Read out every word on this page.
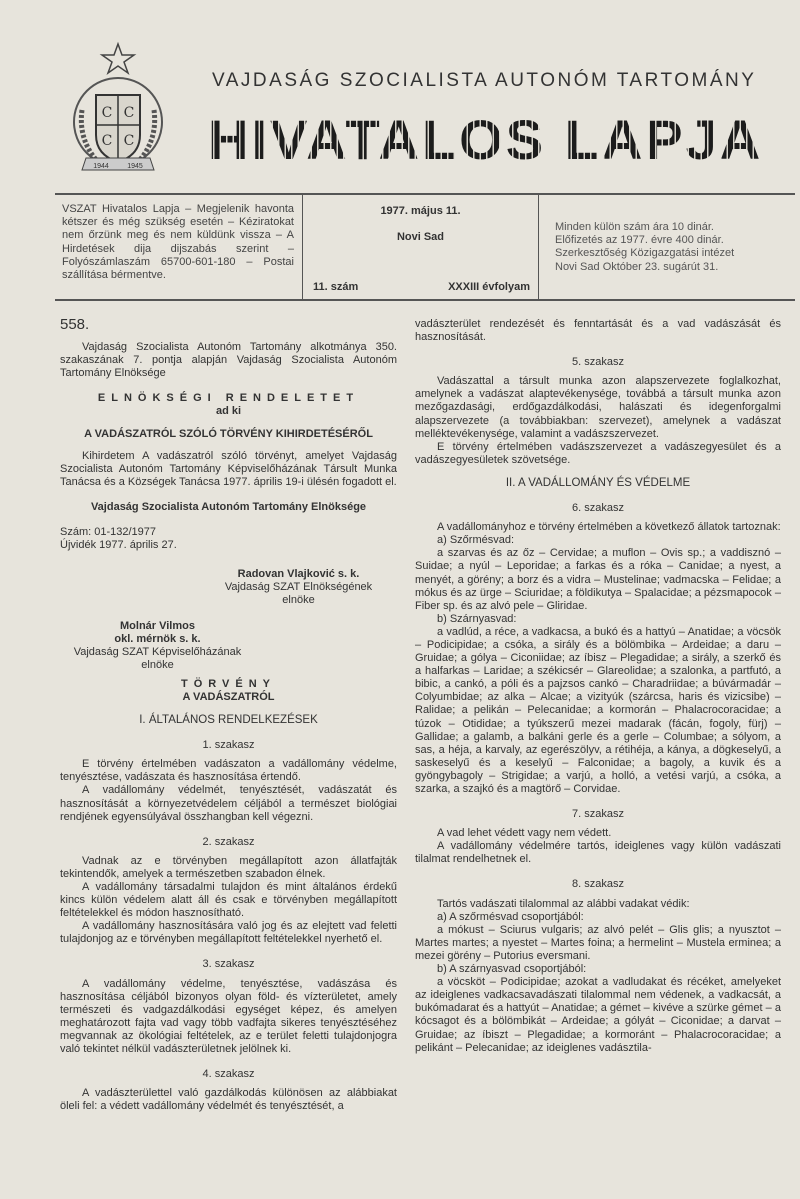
C C
C C
1944	1945
VAJDASÁG SZOCIALISTA AUTONÓM TARTOMÁNY
HIVATALOS LAPJA
VSZAT Hivatalos Lapja – Megjelenik havonta kétszer és még szükség esetén – Kéziratokat nem őrzünk meg és nem küldünk vissza – A Hirdetések dija dijszabás szerint – Folyószámlaszám 65700-601-180 – Postai szállítása bérmentve.
1977. május 11.
Novi Sad
11. szám	XXXIII évfolyam
Minden külön szám ára 10 dinár.
Előfizetés az 1977. évre 400 dinár.
Szerkesztőség Közigazgatási intézet
Novi Sad Október 23. sugárút 31.
558.

Vajdaság Szocialista Autonóm Tartomány alkotmánya 350. szakaszának 7. pontja alapján Vajdaság Szocialista Autonóm Tartomány Elnöksége

ELNÖKSÉGI RENDELETET

ad ki

A VADÁSZATRÓL SZÓLÓ TÖRVÉNY KIHIRDETÉSÉRŐL

Kihirdetem A vadászatról szóló törvényt, amelyet Vajdaság Szocialista Autonóm Tartomány Képviselőházának Társult Munka Tanácsa és a Községek Tanácsa 1977. április 19-i ülésén fogadott el.

Vajdaság Szocialista Autonóm Tartomány Elnöksége

Szám: 01-132/1977

Újvidék 1977. április 27.

Radovan Vlajković s. k.

Vajdaság SZAT Elnökségének

elnöke

Molnár Vilmos

okl. mérnök s. k.

Vajdaság SZAT Képviselőházának

elnöke

TÖRVÉNY

A VADÁSZATRÓL

I. ÁLTALÁNOS RENDELKEZÉSEK

1. szakasz

E törvény értelmében vadászaton a vadállomány védelme, tenyésztése, vadászata és hasznosítása értendő.

A vadállomány védelmét, tenyésztését, vadászatát és hasznosítását a környezetvédelem céljából a természet biológiai rendjének egyensúlyával összhangban kell végezni.

2. szakasz

Vadnak az e törvényben megállapított azon állatfajták tekintendők, amelyek a természetben szabadon élnek.

A vadállomány társadalmi tulajdon és mint általános érdekű kincs külön védelem alatt áll és csak e törvényben megállapított feltételekkel és módon hasznosítható.

A vadállomány hasznosítására való jog és az elejtett vad feletti tulajdonjog az e törvényben megállapított feltételekkel nyerhető el.

3. szakasz

A vadállomány védelme, tenyésztése, vadászása és hasznosítása céljából bizonyos olyan föld- és vízterületet, amely természeti és vadgazdálkodási egységet képez, és amelyen meghatározott fajta vad vagy több vadfajta sikeres tenyésztéséhez megvannak az ökológiai feltételek, az e terület feletti tulajdonjogra való tekintet nélkül vadászterületnek jelölnek ki.

4. szakasz

A vadászterülettel való gazdálkodás különösen az alábbiakat öleli fel: a védett vadállomány védelmét és tenyésztését, a

vadászterület rendezését és fenntartását és a vad vadászását és hasznosítását.

5. szakasz

Vadászattal a társult munka azon alapszervezete foglalkozhat, amelynek a vadászat alaptevékenysége, továbbá a társult munka azon mezőgazdasági, erdőgazdálkodási, halászati és idegenforgalmi alapszervezete (a továbbiakban: szervezet), amelynek a vadászat melléktevékenysége, valamint a vadászszervezet.

E törvény értelmében vadászszervezet a vadászegyesület és a vadászegyesületek szövetsége.

II. A VADÁLLOMÁNY ÉS VÉDELME

6. szakasz

A vadállományhoz e törvény értelmében a következő állatok tartoznak:

a) Szőrmésvad:

a szarvas és az őz – Cervidae; a muflon – Ovis sp.; a vaddisznó – Suidae; a nyúl – Leporidae; a farkas és a róka – Canidae; a nyest, a menyét, a görény; a borz és a vidra – Mustelinae; vadmacska – Felidae; a mókus és az ürge – Sciuridae; a földikutya – Spalacidae; a pézsmapocok – Fiber sp. és az alvó pele – Gliridae.

b) Szárnyasvad:

a vadlúd, a réce, a vadkacsa, a bukó és a hattyú – Anatidae; a vöcsök – Podicipidae; a csóka, a sirály és a bölömbika – Ardeidae; a daru – Gruidae; a gólya – Ciconiidae; az íbisz – Plegadidae; a sirály, a szerkő és a halfarkas – Laridae; a székicsér – Glareolidae; a szalonka, a partfutó, a bibic, a cankó, a póli és a pajzsos cankó – Charadriidae; a búvármadár – Colyumbidae; az alka – Alcae; a vizityúk (szárcsa, haris és vizicsibe) – Ralidae; a pelikán – Pelecanidae; a kormorán – Phalacrocoracidae; a túzok – Otididae; a tyúkszerű mezei madarak (fácán, fogoly, fürj) – Gallidae; a galamb, a balkáni gerle és a gerle – Columbae; a sólyom, a sas, a héja, a karvaly, az egerészölyv, a rétihéja, a kánya, a dögkeselyű, a saskeselyű és a keselyű – Falconidae; a bagoly, a kuvik és a gyöngybagoly – Strigidae; a varjú, a holló, a vetési varjú, a csóka, a szarka, a szajkó és a magtörő – Corvidae.

7. szakasz

A vad lehet védett vagy nem védett.

A vadállomány védelmére tartós, ideiglenes vagy külön vadászati tilalmat rendelhetnek el.

8. szakasz

Tartós vadászati tilalommal az alábbi vadakat védik:

a) A szőrmésvad csoportjából:

a mókust – Sciurus vulgaris; az alvó pelét – Glis glis; a nyusztot – Martes martes; a nyestet – Martes foina; a hermelint – Mustela erminea; a mezei görény – Putorius eversmani.

b) A szárnyasvad csoportjából:

a vöcsköt – Podicipidae; azokat a vadludakat és récéket, amelyeket az ideiglenes vadkacsavadászati tilalommal nem védenek, a vadkacsát, a bukómadarat és a hattyút – Anatidae; a gémet – kivéve a szürke gémet – a kócsagot és a bölömbikát – Ardeidae; a gólyát – Ciconidae; a darvat – Gruidae; az íbiszt – Plegadidae; a kormoránt – Phalacrocoracidae; a pelikánt – Pelecanidae; az ideiglenes vadásztila-
